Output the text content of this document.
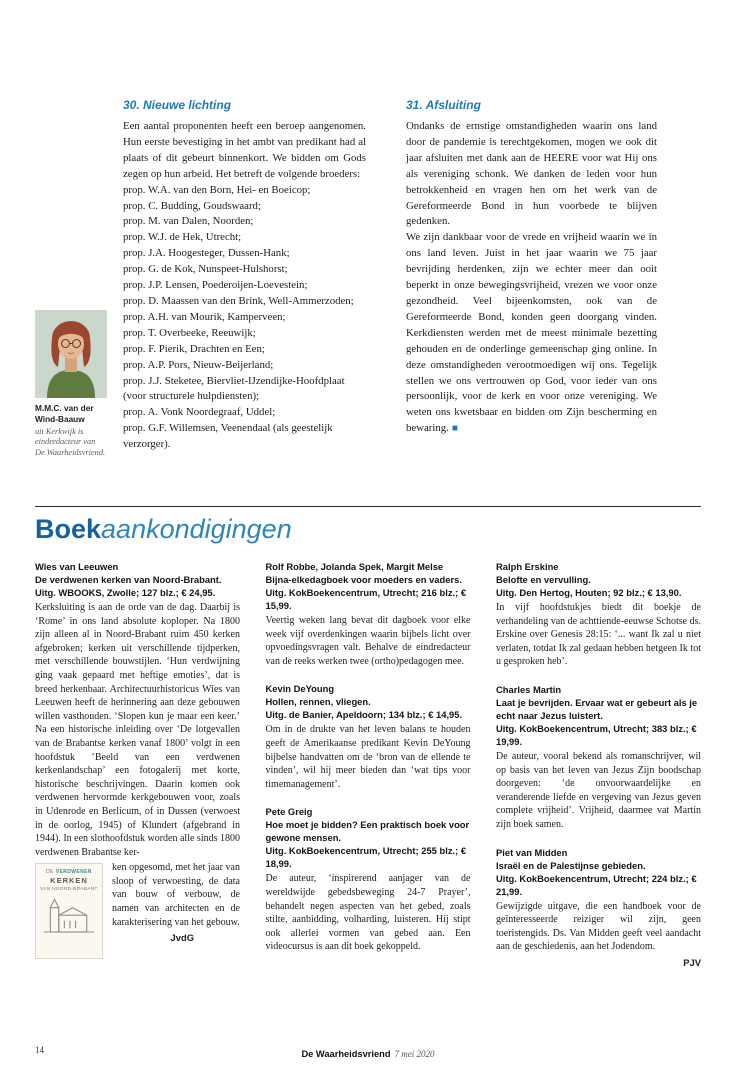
M.M.C. van der Wind-Baauw
uit Kerkwijk is eindredacteur van De Waarheidsvriend.
30. Nieuwe lichting

Een aantal proponenten heeft een beroep aangenomen. Hun eerste bevestiging in het ambt van predikant had al plaats of dit gebeurt binnenkort. We bidden om Gods zegen op hun arbeid. Het betreft de volgende broeders:

prop. W.A. van den Born, Hei- en Boeicop;
prop. C. Budding, Goudswaard;
prop. M. van Dalen, Noorden;
prop. W.J. de Hek, Utrecht;
prop. J.A. Hoogesteger, Dussen-Hank;
prop. G. de Kok, Nunspeet-Hulshorst;
prop. J.P. Lensen, Poederoijen-Loevestein;
prop. D. Maassen van den Brink, Well-Ammerzoden;
prop. A.H. van Mourik, Kamperveen;
prop. T. Overbeeke, Reeuwijk;
prop. F. Pierik, Drachten en Een;
prop. A.P. Pors, Nieuw-Beijerland;
prop. J.J. Steketee, Biervliet-IJzendijke-Hoofdplaat (voor structurele hulpdiensten);
prop. A. Vonk Noordegraaf, Uddel;
prop. G.F. Willemsen, Veenendaal (als geestelijk verzorger).
31. Afsluiting

Ondanks de ernstige omstandigheden waarin ons land door de pandemie is terechtgekomen, mogen we ook dit jaar afsluiten met dank aan de HEERE voor wat Hij ons als vereniging schonk. We danken de leden voor hun betrokkenheid en vragen hen om het werk van de Gereformeerde Bond in hun voorbede te blijven gedenken.

We zijn dankbaar voor de vrede en vrijheid waarin we in ons land leven. Juist in het jaar waarin we 75 jaar bevrijding herdenken, zijn we echter meer dan ooit beperkt in onze bewegingsvrijheid, vrezen we voor onze gezondheid. Veel bijeenkomsten, ook van de Gereformeerde Bond, konden geen doorgang vinden. Kerkdiensten werden met de meest minimale bezetting gehouden en de onderlinge gemeenschap ging online. In deze omstandigheden verootmoedigen wij ons. Tegelijk stellen we ons vertrouwen op God, voor ieder van ons persoonlijk, voor de kerk en voor onze vereniging. We weten ons kwetsbaar en bidden om Zijn bescherming en bewaring. ■

Boekaankondigingen
Wies van Leeuwen
De verdwenen kerken van Noord-Brabant.
Uitg. WBOOKS, Zwolle; 127 blz.; € 24,95.

Kerksluiting is aan de orde van de dag. Daarbij is ‘Rome’ in ons land absolute koploper. Na 1800 zijn alleen al in Noord-Brabant ruim 450 kerken afgebroken; kerken uit verschillende tijdperken, met verschillende bouwstijlen. ‘Hun verdwijning ging vaak gepaard met heftige emoties’, dat is breed herkenbaar. Architectuurhistoricus Wies van Leeuwen heeft de herinnering aan deze gebouwen willen vasthouden. ‘Slopen kun je maar een keer.’ Na een historische inleiding over ‘De lotgevallen van de Brabantse kerken vanaf 1800’ volgt in een hoofdstuk ‘Beeld van een verdwenen kerkenlandschap’ een fotogalerij met korte, historische beschrijvingen. Daarin komen ook verdwenen hervormde kerkgebouwen voor, zoals in Udenrode en Berlicum, of in Dussen (verwoest in de oorlog, 1945) of Klundert (afgebrand in 1944). In een slothoofdstuk worden alle sinds 1800 verdwenen Brabantse ker-

DE VERDWENEN
KERKEN
VAN NOORD-BRABANT

ken opgesomd, met het jaar van sloop of verwoesting, de data van bouw of verbouw, de namen van architecten en de karakterisering van het gebouw.

JvdG
Rolf Robbe, Jolanda Spek, Margit Melse
Bijna-elkedagboek voor moeders en vaders.
Uitg. KokBoekencentrum, Utrecht; 216 blz.; € 15,99.

Veertig weken lang bevat dit dagboek voor elke week vijf overdenkingen waarin bijbels licht over opvoedingsvragen valt. Behalve de eindredacteur van de reeks werken twee (ortho)pedagogen mee.

Kevin DeYoung
Hollen, rennen, vliegen.
Uitg. de Banier, Apeldoorn; 134 blz.; € 14,95.

Om in de drukte van het leven balans te houden geeft de Amerikaanse predikant Kevin DeYoung bijbelse handvatten om de ‘bron van de ellende te vinden’, wil hij meer bieden dan ‘wat tips voor timemanagement’.

Pete Greig
Hoe moet je bidden? Een praktisch boek voor gewone mensen.
Uitg. KokBoekencentrum, Utrecht; 255 blz.; € 18,99.

De auteur, ‘inspirerend aanjager van de wereldwijde gebedsbeweging 24-7 Prayer’, behandelt negen aspecten van het gebed, zoals stilte, aanbidding, volharding, luisteren. Hij stipt ook allerlei vormen van gebed aan. Een videocursus is aan dit boek gekoppeld.

Ralph Erskine
Belofte en vervulling.
Uitg. Den Hertog, Houten; 92 blz.; € 13,90.

In vijf hoofdstukjes biedt dit boekje de verhandeling van de achttiende-eeuwse Schotse ds. Erskine over Genesis 28:15: ‘... want Ik zal u niet verlaten, totdat Ik zal gedaan hebben hetgeen Ik tot u gesproken heb’.

Charles Martin
Laat je bevrijden. Ervaar wat er gebeurt als je echt naar Jezus luistert.
Uitg. KokBoekencentrum, Utrecht; 383 blz.; € 19,99.

De auteur, vooral bekend als romanschrijver, wil op basis van het leven van Jezus Zijn boodschap doorgeven: ‘de onvoorwaardelijke en veranderende liefde en vergeving van Jezus geven complete vrijheid’. Vrijheid, daarmee vat Martin zijn boek samen.

Piet van Midden
Israël en de Palestijnse gebieden.
Uitg. KokBoekencentrum, Utrecht; 224 blz.; € 21,99.

Gewijzigde uitgave, die een handboek voor de geïnteresseerde reiziger wil zijn, geen toeristengids. Ds. Van Midden geeft veel aandacht aan de geschiedenis, aan het Jodendom.

PJV
14	De Waarheidsvriend 7 mei 2020
